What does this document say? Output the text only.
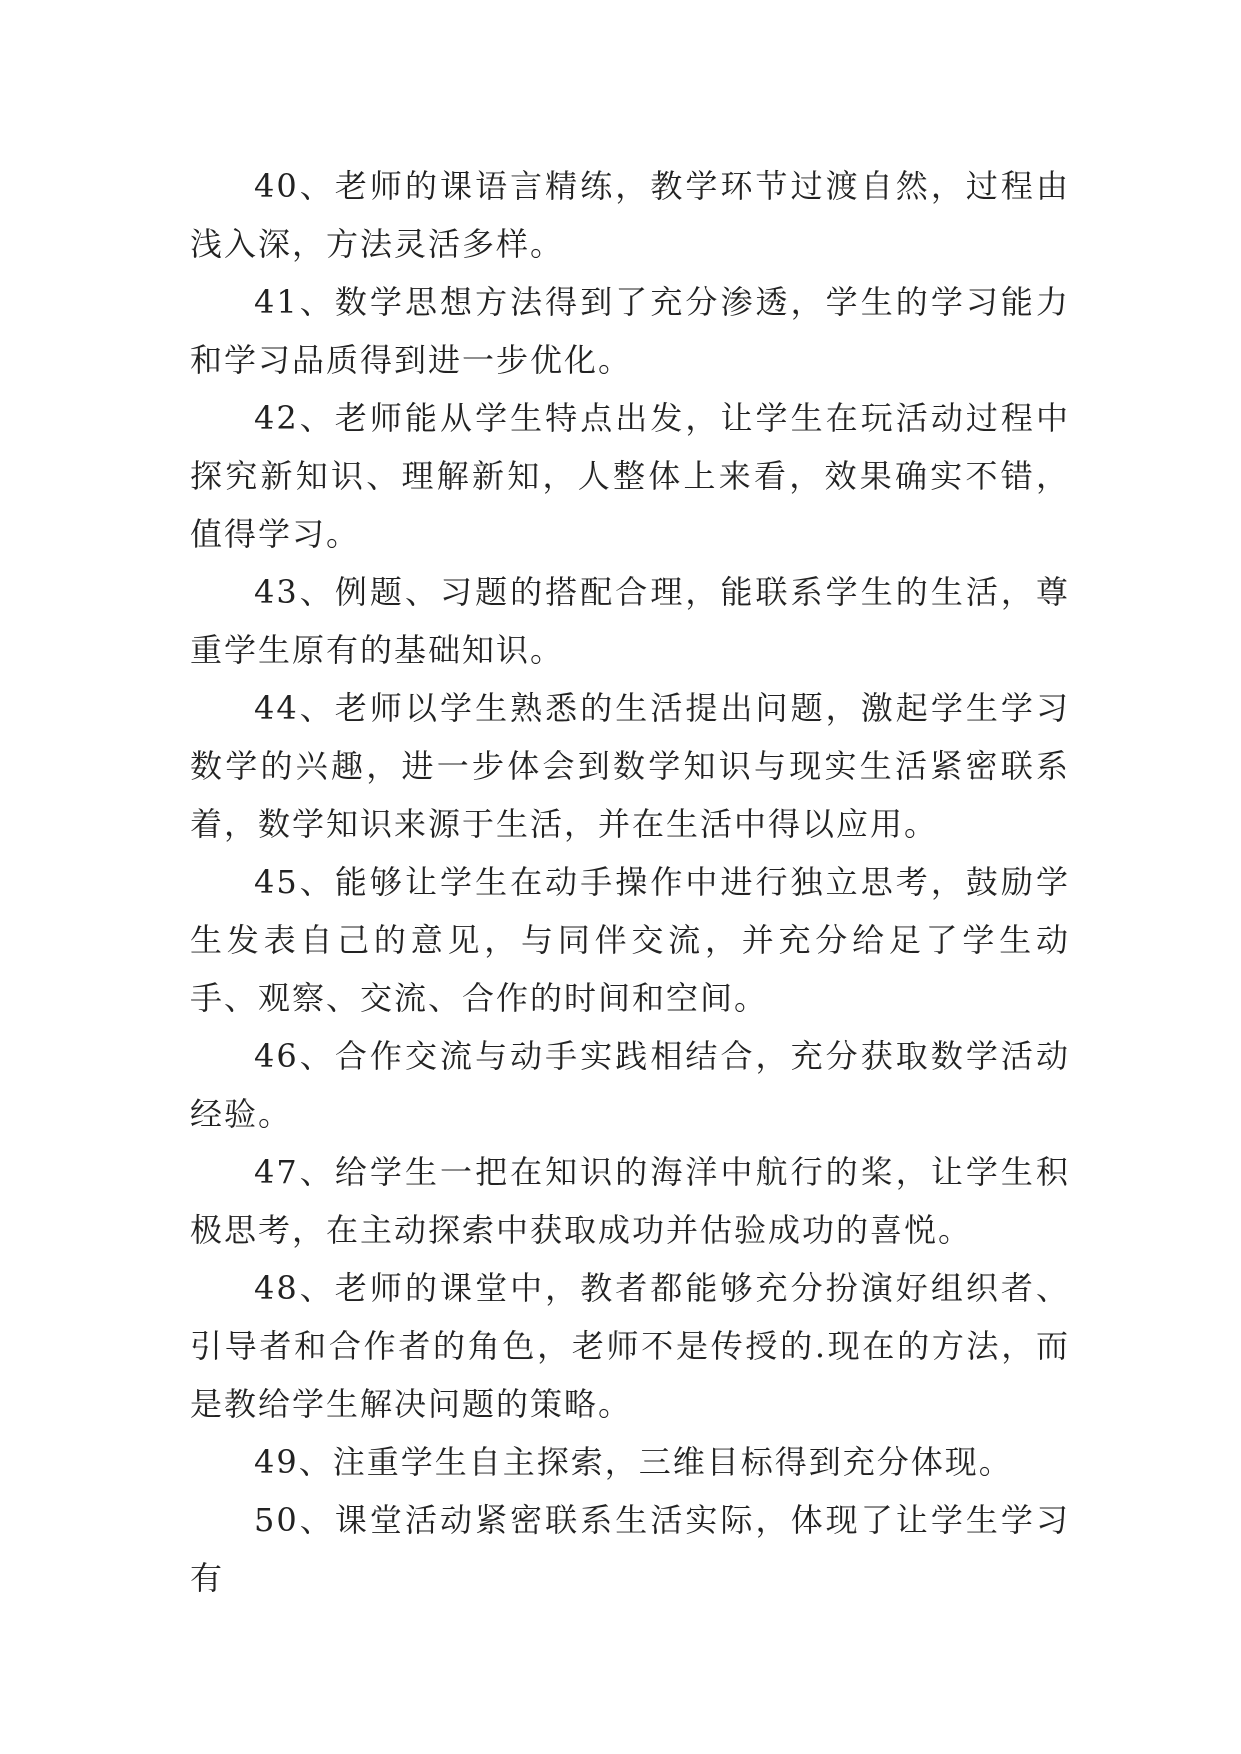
40、老师的课语言精练，教学环节过渡自然，过程由浅入深，方法灵活多样。

41、数学思想方法得到了充分渗透，学生的学习能力和学习品质得到进一步优化。

42、老师能从学生特点出发，让学生在玩活动过程中探究新知识、理解新知，人整体上来看，效果确实不错，值得学习。

43、例题、习题的搭配合理，能联系学生的生活，尊重学生原有的基础知识。

44、老师以学生熟悉的生活提出问题，激起学生学习数学的兴趣，进一步体会到数学知识与现实生活紧密联系着，数学知识来源于生活，并在生活中得以应用。

45、能够让学生在动手操作中进行独立思考，鼓励学生发表自己的意见，与同伴交流，并充分给足了学生动手、观察、交流、合作的时间和空间。

46、合作交流与动手实践相结合，充分获取数学活动经验。

47、给学生一把在知识的海洋中航行的桨，让学生积极思考，在主动探索中获取成功并估验成功的喜悦。

48、老师的课堂中，教者都能够充分扮演好组织者、引导者和合作者的角色，老师不是传授的.现在的方法，而是教给学生解决问题的策略。

49、注重学生自主探索，三维目标得到充分体现。

50、课堂活动紧密联系生活实际，体现了让学生学习有
